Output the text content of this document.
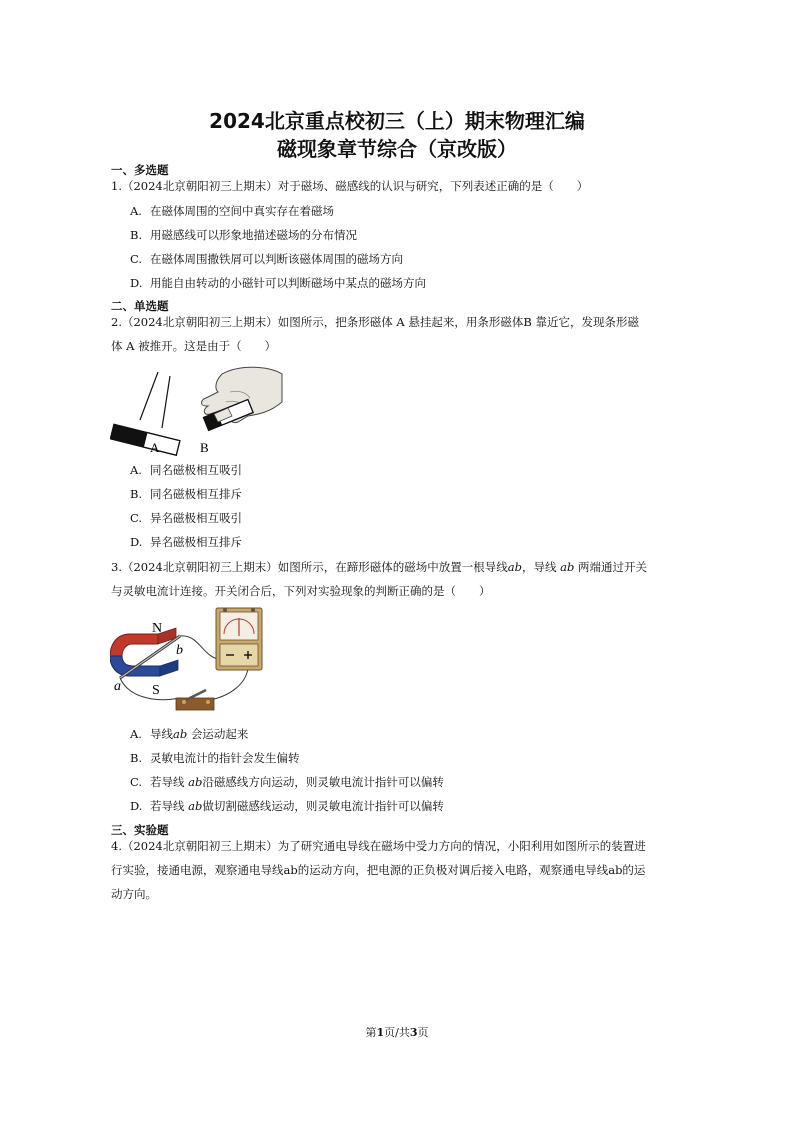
2024北京重点校初三（上）期末物理汇编
磁现象章节综合（京改版）
一、多选题
1.（2024北京朝阳初三上期末）对于磁场、磁感线的认识与研究，下列表述正确的是（　　）
A. 在磁体周围的空间中真实存在着磁场
B. 用磁感线可以形象地描述磁场的分布情况
C. 在磁体周围撒铁屑可以判断该磁体周围的磁场方向
D. 用能自由转动的小磁针可以判断磁场中某点的磁场方向
二、单选题
2.（2024北京朝阳初三上期末）如图所示，把条形磁体 A 悬挂起来，用条形磁体B 靠近它，发现条形磁
体 A 被推开。这是由于（　　）
A	B
A. 同名磁极相互吸引
B. 同名磁极相互排斥
C. 异名磁极相互吸引
D. 异名磁极相互排斥
3.（2024北京朝阳初三上期末）如图所示，在蹄形磁体的磁场中放置一根导线ab，导线 ab 两端通过开关
与灵敏电流计连接。开关闭合后，下列对实验现象的判断正确的是（　　）
N
S
a
b
A. 导线ab 会运动起来
B. 灵敏电流计的指针会发生偏转
C. 若导线 ab沿磁感线方向运动，则灵敏电流计指针可以偏转
D. 若导线 ab做切割磁感线运动，则灵敏电流计指针可以偏转
三、实验题
4.（2024北京朝阳初三上期末）为了研究通电导线在磁场中受力方向的情况，小阳利用如图所示的装置进
行实验，接通电源，观察通电导线ab的运动方向，把电源的正负极对调后接入电路，观察通电导线ab的运
动方向。
第1页/共3页
